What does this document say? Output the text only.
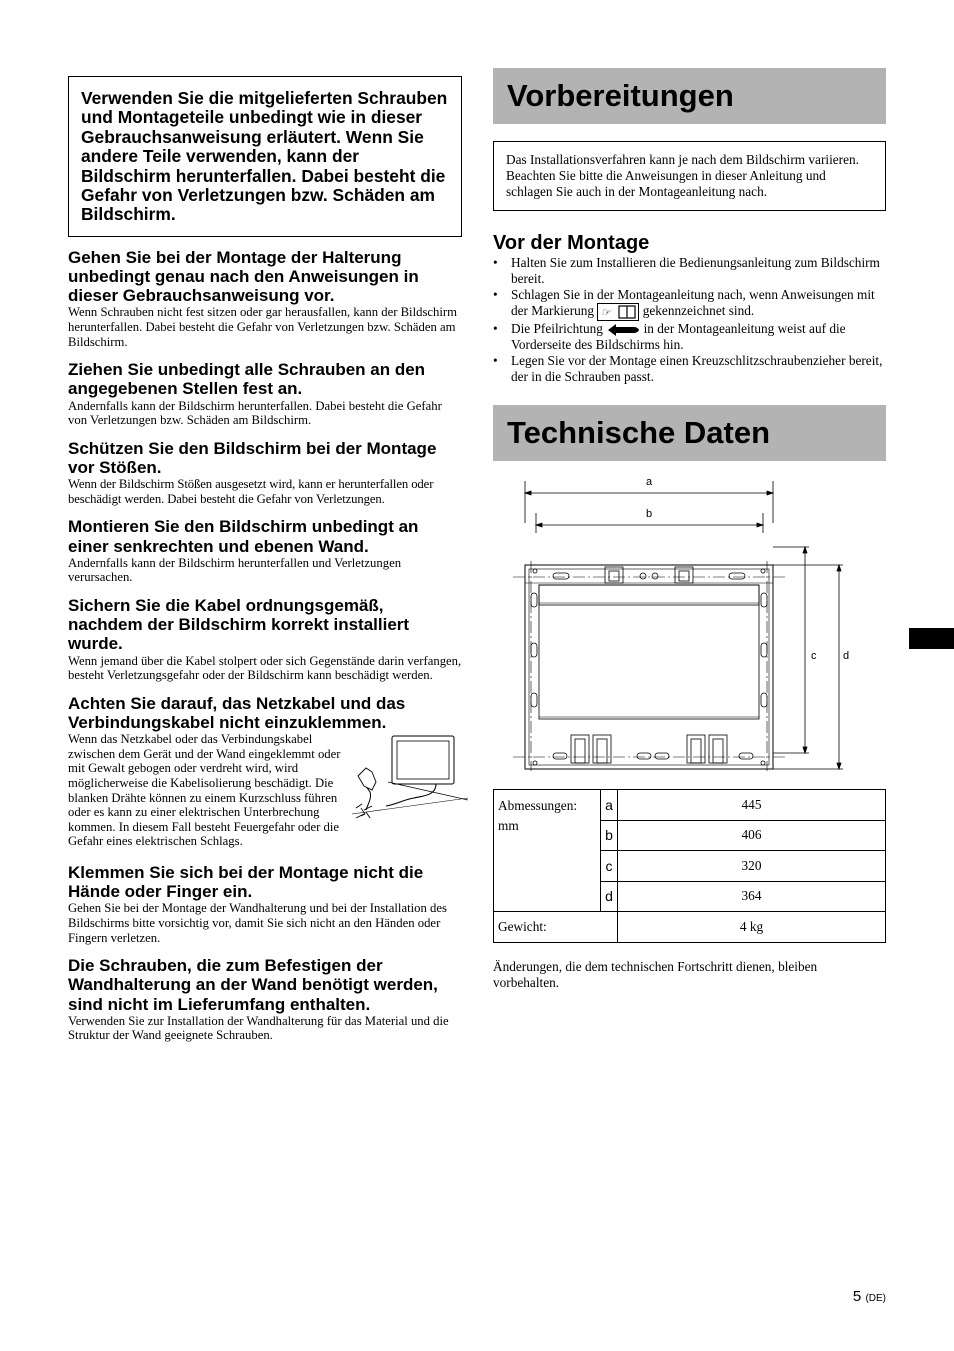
Verwenden Sie die mitgelieferten Schrauben und Montageteile unbedingt wie in dieser Gebrauchsanweisung erläutert. Wenn Sie andere Teile verwenden, kann der Bildschirm herunterfallen. Dabei besteht die Gefahr von Verletzungen bzw. Schäden am Bildschirm.

Gehen Sie bei der Montage der Halterung unbedingt genau nach den Anweisungen in dieser Gebrauchsanweisung vor.

Wenn Schrauben nicht fest sitzen oder gar herausfallen, kann der Bildschirm herunterfallen. Dabei besteht die Gefahr von Verletzungen bzw. Schäden am Bildschirm.

Ziehen Sie unbedingt alle Schrauben an den angegebenen Stellen fest an.

Andernfalls kann der Bildschirm herunterfallen. Dabei besteht die Gefahr von Verletzungen bzw. Schäden am Bildschirm.

Schützen Sie den Bildschirm bei der Montage vor Stößen.

Wenn der Bildschirm Stößen ausgesetzt wird, kann er herunterfallen oder beschädigt werden. Dabei besteht die Gefahr von Verletzungen.

Montieren Sie den Bildschirm unbedingt an einer senkrechten und ebenen Wand.

Andernfalls kann der Bildschirm herunterfallen und Verletzungen verursachen.

Sichern Sie die Kabel ordnungsgemäß, nachdem der Bildschirm korrekt installiert wurde.

Wenn jemand über die Kabel stolpert oder sich Gegenstände darin verfangen, besteht Verletzungsgefahr oder der Bildschirm kann beschädigt werden.

Achten Sie darauf, das Netzkabel und das Verbindungskabel nicht einzuklemmen.

Wenn das Netzkabel oder das Verbindungskabel zwischen dem Gerät und der Wand eingeklemmt oder mit Gewalt gebogen oder verdreht wird, wird möglicherweise die Kabelisolierung beschädigt. Die blanken Drähte können zu einem Kurzschluss führen oder es kann zu einer elektrischen Unterbrechung kommen. In diesem Fall besteht Feuergefahr oder die Gefahr eines elektrischen Schlags.

Klemmen Sie sich bei der Montage nicht die Hände oder Finger ein.

Gehen Sie bei der Montage der Wandhalterung und bei der Installation des Bildschirms bitte vorsichtig vor, damit Sie sich nicht an den Händen oder Fingern verletzen.

Die Schrauben, die zum Befestigen der Wandhalterung an der Wand benötigt werden, sind nicht im Lieferumfang enthalten.

Verwenden Sie zur Installation der Wandhalterung für das Material und die Struktur der Wand geeignete Schrauben.

Vorbereitungen

Das Installationsverfahren kann je nach dem Bildschirm variieren. Beachten Sie bitte die Anweisungen in dieser Anleitung und schlagen Sie auch in der Montageanleitung nach.

Vor der Montage
• Halten Sie zum Installieren die Bedienungsanleitung zum Bildschirm bereit.
• Schlagen Sie in der Montageanleitung nach, wenn Anweisungen mit der Markierung ☞ gekennzeichnet sind.
• Die Pfeilrichtung	in der Montageanleitung weist auf die Vorderseite des Bildschirms hin.
• Legen Sie vor der Montage einen Kreuzschlitzschraubenzieher bereit, der in die Schrauben passt.
Technische Daten
a
b
c d
Abmessungen:
mm	a	445
	b	406
	c	320
	d	364
Gewicht:		4 kg

Änderungen, die dem technischen Fortschritt dienen, bleiben vorbehalten.

5 (DE)
